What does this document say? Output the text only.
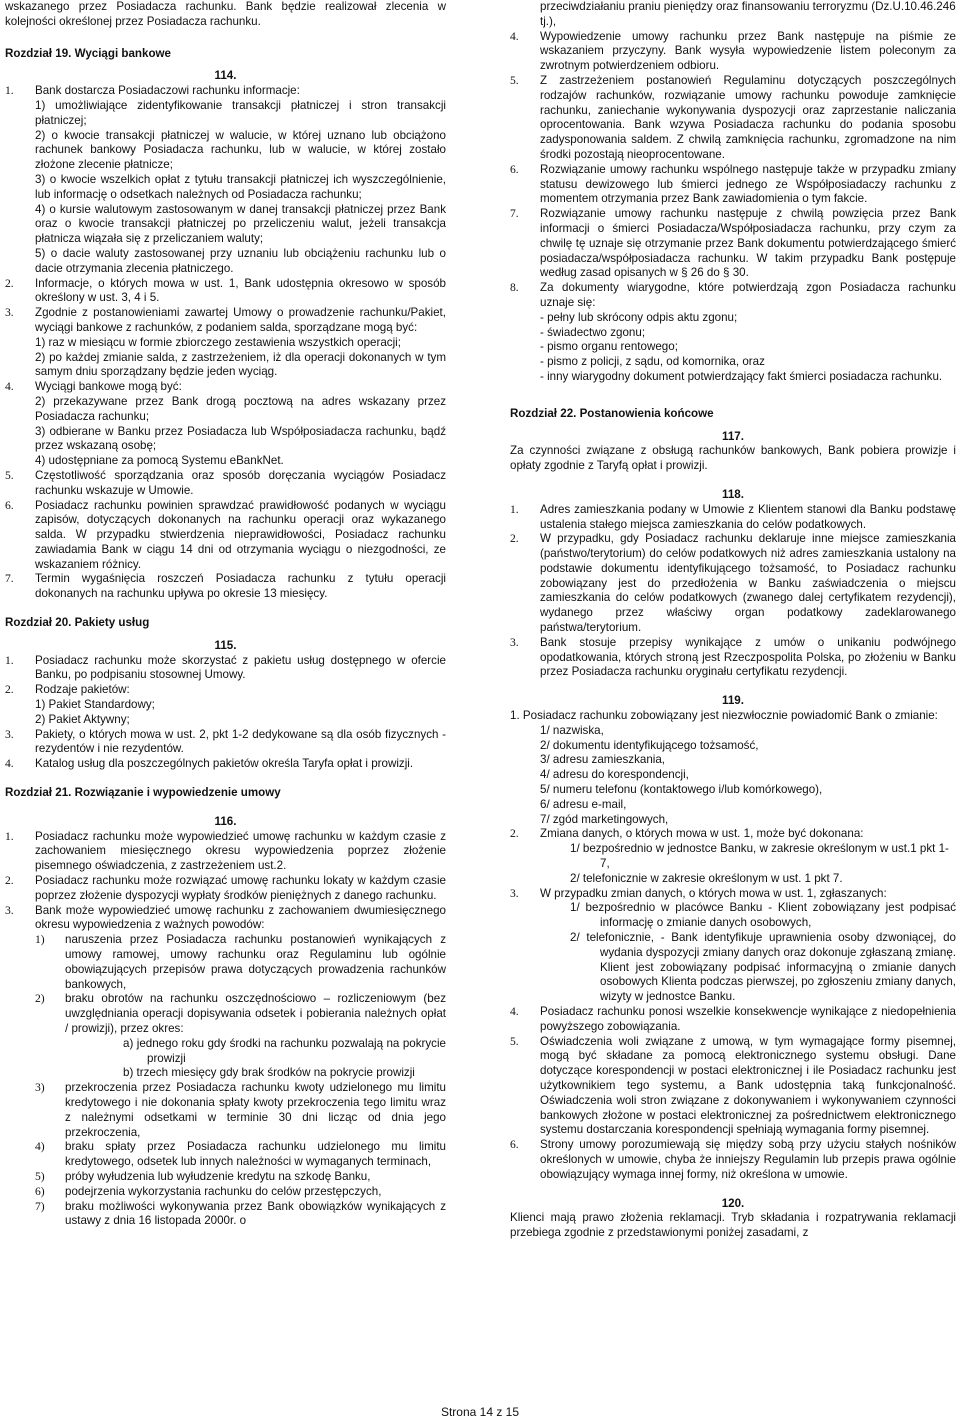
wskazanego przez Posiadacza rachunku. Bank będzie realizował zlecenia w kolejności określonej przez Posiadacza rachunku.

Rozdział 19. Wyciągi bankowe

114.

1. Bank dostarcza Posiadaczowi rachunku informacje:

1) umożliwiające zidentyfikowanie transakcji płatniczej i stron transakcji płatniczej;

2) o kwocie transakcji płatniczej w walucie, w której uznano lub obciążono rachunek bankowy Posiadacza rachunku, lub w walucie, w której zostało złożone zlecenie płatnicze;

3) o kwocie wszelkich opłat z tytułu transakcji płatniczej ich wyszczególnienie, lub informację o odsetkach należnych od Posiadacza rachunku;

4) o kursie walutowym zastosowanym w danej transakcji płatniczej przez Bank oraz o kwocie transakcji płatniczej po przeliczeniu walut, jeżeli transakcja płatnicza wiązała się z przeliczaniem waluty;

5) o dacie waluty zastosowanej przy uznaniu lub obciążeniu rachunku lub o dacie otrzymania zlecenia płatniczego.

2. Informacje, o których mowa w ust. 1, Bank udostępnia okresowo w sposób określony w ust. 3, 4 i 5.
3. Zgodnie z postanowieniami zawartej Umowy o prowadzenie rachunku/Pakiet, wyciągi bankowe z rachunków, z podaniem salda, sporządzane mogą być:

1) raz w miesiącu w formie zbiorczego zestawienia wszystkich operacji;

2) po każdej zmianie salda, z zastrzeżeniem, iż dla operacji dokonanych w tym samym dniu sporządzany będzie jeden wyciąg.

4. Wyciągi bankowe mogą być:

2) przekazywane przez Bank drogą pocztową na adres wskazany przez Posiadacza rachunku;

3) odbierane w Banku przez Posiadacza lub Współposiadacza rachunku, bądź przez wskazaną osobę;

4) udostępniane za pomocą Systemu eBankNet.

5. Częstotliwość sporządzania oraz sposób doręczania wyciągów Posiadacz rachunku wskazuje w Umowie.
6. Posiadacz rachunku powinien sprawdzać prawidłowość podanych w wyciągu zapisów, dotyczących dokonanych na rachunku operacji oraz wykazanego salda. W przypadku stwierdzenia nieprawidłowości, Posiadacz rachunku zawiadamia Bank w ciągu 14 dni od otrzymania wyciągu o niezgodności, ze wskazaniem różnicy.
7. Termin wygaśnięcia roszczeń Posiadacza rachunku z tytułu operacji dokonanych na rachunku upływa po okresie 13 miesięcy.

Rozdział 20. Pakiety usług

115.

1. Posiadacz rachunku może skorzystać z pakietu usług dostępnego w ofercie Banku, po podpisaniu stosownej Umowy.
2. Rodzaje pakietów:

1) Pakiet Standardowy;

2) Pakiet Aktywny;

3. Pakiety, o których mowa w ust. 2, pkt 1-2 dedykowane są dla osób fizycznych - rezydentów i nie rezydentów.
4. Katalog usług dla poszczególnych pakietów określa Taryfa opłat i prowizji.

Rozdział 21. Rozwiązanie i wypowiedzenie umowy

116.

1. Posiadacz rachunku może wypowiedzieć umowę rachunku w każdym czasie z zachowaniem miesięcznego okresu wypowiedzenia poprzez złożenie pisemnego oświadczenia, z zastrzeżeniem ust.2.
2. Posiadacz rachunku może rozwiązać umowę rachunku lokaty w każdym czasie poprzez złożenie dyspozycji wypłaty środków pieniężnych z danego rachunku.
3. Bank może wypowiedzieć umowę rachunku z zachowaniem dwumiesięcznego okresu wypowiedzenia z ważnych powodów:
1) naruszenia przez Posiadacza rachunku postanowień wynikających z umowy ramowej, umowy rachunku oraz Regulaminu lub ogólnie obowiązujących przepisów prawa dotyczących prowadzenia rachunków bankowych,
2) braku obrotów na rachunku oszczędnościowo – rozliczeniowym (bez uwzględniania operacji dopisywania odsetek i pobierania należnych opłat / prowizji), przez okres:

a) jednego roku gdy środki na rachunku pozwalają na pokrycie prowizji

b) trzech miesięcy gdy brak środków na pokrycie prowizji

3) przekroczenia przez Posiadacza rachunku kwoty udzielonego mu limitu kredytowego i nie dokonania spłaty kwoty przekroczenia tego limitu wraz z należnymi odsetkami w terminie 30 dni licząc od dnia jego przekroczenia,
4) braku spłaty przez Posiadacza rachunku udzielonego mu limitu kredytowego, odsetek lub innych należności w wymaganych terminach,
5) próby wyłudzenia lub wyłudzenie kredytu na szkodę Banku,
6) podejrzenia wykorzystania rachunku do celów przestępczych,
7) braku możliwości wykonywania przez Bank obowiązków wynikających z ustawy z dnia 16 listopada 2000r. o

przeciwdziałaniu praniu pieniędzy oraz finansowaniu terroryzmu (Dz.U.10.46.246 tj.),

4. Wypowiedzenie umowy rachunku przez Bank następuje na piśmie ze wskazaniem przyczyny. Bank wysyła wypowiedzenie listem poleconym za zwrotnym potwierdzeniem odbioru.
5. Z zastrzeżeniem postanowień Regulaminu dotyczących poszczególnych rodzajów rachunków, rozwiązanie umowy rachunku powoduje zamknięcie rachunku, zaniechanie wykonywania dyspozycji oraz zaprzestanie naliczania oprocentowania. Bank wzywa Posiadacza rachunku do podania sposobu zadysponowania saldem. Z chwilą zamknięcia rachunku, zgromadzone na nim środki pozostają nieoprocentowane.
6. Rozwiązanie umowy rachunku wspólnego następuje także w przypadku zmiany statusu dewizowego lub śmierci jednego ze Współposiadaczy rachunku z momentem otrzymania przez Bank zawiadomienia o tym fakcie.
7. Rozwiązanie umowy rachunku następuje z chwilą powzięcia przez Bank informacji o śmierci Posiadacza/Współposiadacza rachunku, przy czym za chwilę tę uznaje się otrzymanie przez Bank dokumentu potwierdzającego śmierć posiadacza/współposiadacza rachunku. W takim przypadku Bank postępuje według zasad opisanych w § 26 do § 30.
8. Za dokumenty wiarygodne, które potwierdzają zgon Posiadacza rachunku uznaje się:

- pełny lub skrócony odpis aktu zgonu;

- świadectwo zgonu;

- pismo organu rentowego;

- pismo z policji, z sądu, od komornika, oraz

- inny wiarygodny dokument potwierdzający fakt śmierci posiadacza rachunku.

Rozdział 22. Postanowienia końcowe

117.

Za czynności związane z obsługą rachunków bankowych, Bank pobiera prowizje i opłaty zgodnie z Taryfą opłat i prowizji.

118.

1. Adres zamieszkania podany w Umowie z Klientem stanowi dla Banku podstawę ustalenia stałego miejsca zamieszkania do celów podatkowych.
2. W przypadku, gdy Posiadacz rachunku deklaruje inne miejsce zamieszkania (państwo/terytorium) do celów podatkowych niż adres zamieszkania ustalony na podstawie dokumentu identyfikującego tożsamość, to Posiadacz rachunku zobowiązany jest do przedłożenia w Banku zaświadczenia o miejscu zamieszkania do celów podatkowych (zwanego dalej certyfikatem rezydencji), wydanego przez właściwy organ podatkowy zadeklarowanego państwa/terytorium.
3. Bank stosuje przepisy wynikające z umów o unikaniu podwójnego opodatkowania, których stroną jest Rzeczpospolita Polska, po złożeniu w Banku przez Posiadacza rachunku oryginału certyfikatu rezydencji.

119.

1. Posiadacz rachunku zobowiązany jest niezwłocznie powiadomić Bank o zmianie:

1/ nazwiska,

2/ dokumentu identyfikującego tożsamość,

3/ adresu zamieszkania,

4/ adresu do korespondencji,

5/ numeru telefonu (kontaktowego i/lub komórkowego),

6/ adresu e-mail,

7/ zgód marketingowych,

2. Zmiana danych, o których mowa w ust. 1, może być dokonana:

1/ bezpośrednio w jednostce Banku, w zakresie określonym w ust.1 pkt 1-7,

2/ telefonicznie w zakresie określonym w ust. 1 pkt 7.

3. W przypadku zmian danych, o których mowa w ust. 1, zgłaszanych:

1/ bezpośrednio w placówce Banku - Klient zobowiązany jest podpisać informację o zmianie danych osobowych,

2/ telefonicznie, - Bank identyfikuje uprawnienia osoby dzwoniącej, do wydania dyspozycji zmiany danych oraz dokonuje zgłaszaną zmianę. Klient jest zobowiązany podpisać informacyjną o zmianie danych osobowych Klienta podczas pierwszej, po zgłoszeniu zmiany danych, wizyty w jednostce Banku.

4. Posiadacz rachunku ponosi wszelkie konsekwencje wynikające z niedopełnienia powyższego zobowiązania.
5. Oświadczenia woli związane z umową, w tym wymagające formy pisemnej, mogą być składane za pomocą elektronicznego systemu obsługi. Dane dotyczące korespondencji w postaci elektronicznej i ile Posiadacz rachunku jest użytkownikiem tego systemu, a Bank udostępnia taką funkcjonalność. Oświadczenia woli stron związane z dokonywaniem i wykonywaniem czynności bankowych złożone w postaci elektronicznej za pośrednictwem elektronicznego systemu dostarczania korespondencji spełniają wymagania formy pisemnej.
6. Strony umowy porozumiewają się między sobą przy użyciu stałych nośników określonych w umowie, chyba że inniejszy Regulamin lub przepis prawa ogólnie obowiązujący wymaga innej formy, niż określona w umowie.

120.

Klienci mają prawo złożenia reklamacji. Tryb składania i rozpatrywania reklamacji przebiega zgodnie z przedstawionymi poniżej zasadami, z

Strona 14 z 15
